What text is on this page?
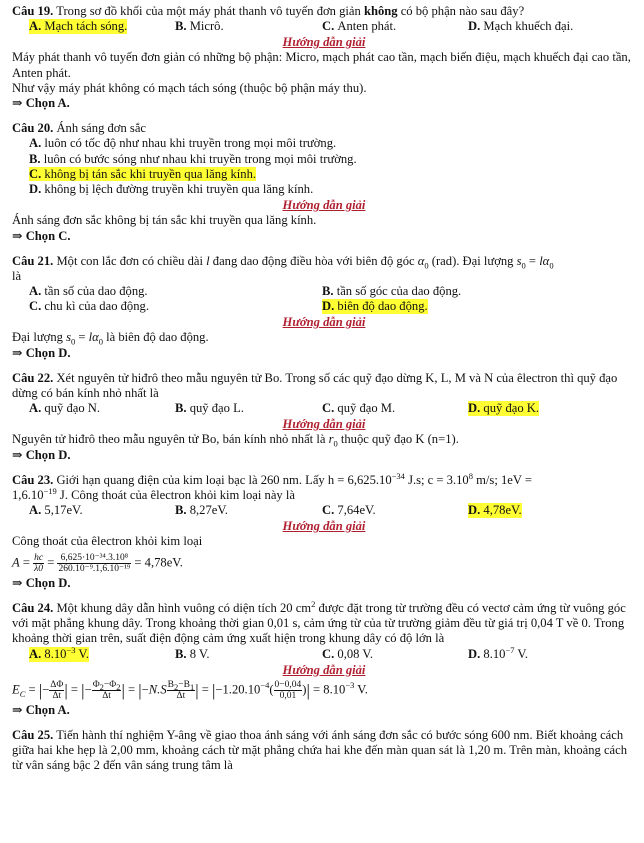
Câu 19. Trong sơ đồ khối của một máy phát thanh vô tuyến đơn giản không có bộ phận nào sau đây?

A. Mạch tách sóng.	B. Micrô.	C. Anten phát.	D. Mạch khuếch đại.
Hướng dẫn giải

Máy phát thanh vô tuyến đơn giản có những bộ phận: Micro, mạch phát cao tần, mạch biến điệu, mạch khuếch đại cao tần, Anten phát.

Như vậy máy phát không có mạch tách sóng (thuộc bộ phận máy thu).

⇒ Chọn A.

Câu 20. Ánh sáng đơn sắc

A. luôn có tốc độ như nhau khi truyền trong mọi môi trường.

B. luôn có bước sóng như nhau khi truyền trong mọi môi trường.

C. không bị tán sắc khi truyền qua lăng kính.

D. không bị lệch đường truyền khi truyền qua lăng kính.

Hướng dẫn giải

Ánh sáng đơn sắc không bị tán sắc khi truyền qua lăng kính.

⇒ Chọn C.

Câu 21. Một con lắc đơn có chiều dài l đang dao động điều hòa với biên độ góc $\alpha_0$ (rad). Đại lượng $s_0 = l\alpha_0$

là

A. tần số của dao động.	B. tần số góc của dao động.
C. chu kì của dao động.	D. biên độ dao động.
Hướng dẫn giải

Đại lượng $s_0 = l\alpha_0$ là biên độ dao động.

⇒ Chọn D.

Câu 22. Xét nguyên tử hiđrô theo mẫu nguyên tử Bo. Trong số các quỹ đạo dừng K, L, M và N của êlectron thì quỹ đạo dừng có bán kính nhỏ nhất là

A. quỹ đạo N.	B. quỹ đạo L.	C. quỹ đạo M.	D. quỹ đạo K.
Hướng dẫn giải

Nguyên tử hiđrô theo mẫu nguyên tử Bo, bán kính nhỏ nhất là $r_0$ thuộc quỹ đạo K (n=1).

⇒ Chọn D.

Câu 23. Giới hạn quang điện của kim loại bạc là 260 nm. Lấy $h = 6,625.10^{-34}$ J.s; $c = 3.10^8$ m/s; 1eV =

$1,6.10^{-19}$ J. Công thoát của êlectron khỏi kim loại này là

A. 5,17eV.	B. 8,27eV.	C. 7,64eV.	D. 4,78eV.
Hướng dẫn giải

Công thoát của êlectron khỏi kim loại

$A = \frac{hc}{\lambda 0} = \frac{\text{6,625·10⁻³⁴.3.10⁸}}{\text{260.10⁻⁹.1,6.10⁻¹⁹}} = 4,78eV$.

⇒ Chọn D.

Câu 24. Một khung dây dẫn hình vuông có diện tích 20 $cm^2$ được đặt trong từ trường đều có vectơ cảm ứng từ vuông góc với mặt phẳng khung dây. Trong khoảng thời gian 0,01 s, cảm ứng từ của từ trường giảm đều từ giá trị 0,04 T về 0. Trong khoảng thời gian trên, suất điện động cảm ứng xuất hiện trong khung dây có độ lớn là

A. $8.10^{-3}$ V.	B. 8 V.	C. 0,08 V.	D. $8.10^{-7}$ V.
Hướng dẫn giải

$E_C$ = |− $\frac{\Delta\Phi}{\Delta t}$ | = |− $\frac{\Phi_2-\Phi_2}{\Delta t}$ | = $|-N.S \frac{B_2-B_1}{\Delta t}$ | = $|-1.20.10^{-4}( \frac{0-0,04}{0,01}$ )| = $8.10^{-3}$ V.

⇒ Chọn A.

Câu 25. Tiến hành thí nghiệm Y-âng về giao thoa ánh sáng với ánh sáng đơn sắc có bước sóng 600 nm. Biết khoảng cách giữa hai khe hẹp là 2,00 mm, khoảng cách từ mặt phẳng chứa hai khe đến màn quan sát là 1,20 m. Trên màn, khoảng cách từ vân sáng bậc 2 đến vân sáng trung tâm là
